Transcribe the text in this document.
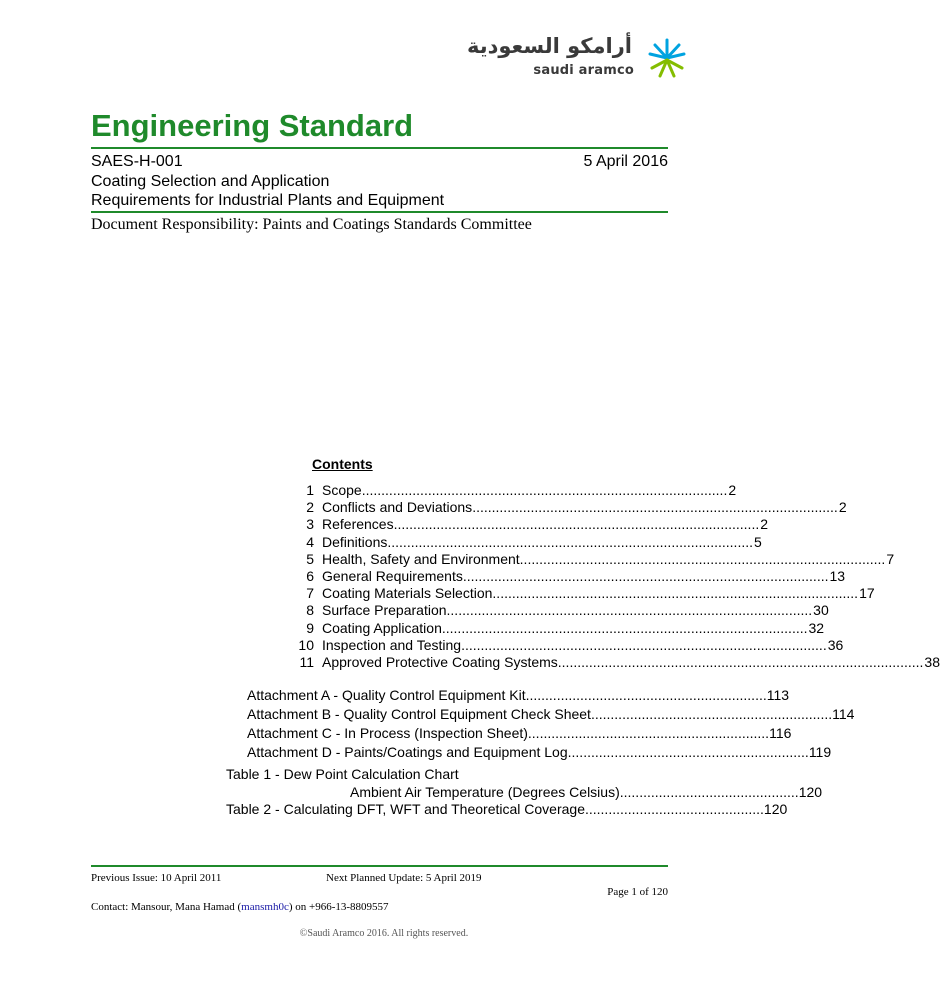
أرامكو السعودية
saudi aramco
Engineering Standard
SAES-H-001	5 April 2016
Coating Selection and Application
Requirements for Industrial Plants and Equipment
Document Responsibility: Paints and Coatings Standards Committee
Contents
1 Scope.............................................................................................. 2
2 Conflicts and Deviations.............................................................................................. 2
3 References.............................................................................................. 2
4 Definitions.............................................................................................. 5
5 Health, Safety and Environment.............................................................................................. 7
6 General Requirements.............................................................................................. 13
7 Coating Materials Selection.............................................................................................. 17
8 Surface Preparation.............................................................................................. 30
9 Coating Application.............................................................................................. 32
10 Inspection and Testing.............................................................................................. 36
11 Approved Protective Coating Systems.............................................................................................. 38
Attachment A - Quality Control Equipment Kit.............................................................. 113
Attachment B - Quality Control Equipment Check Sheet.............................................................. 114
Attachment C - In Process (Inspection Sheet).............................................................. 116
Attachment D - Paints/Coatings and Equipment Log.............................................................. 119
Table 1 - Dew Point Calculation Chart
Ambient Air Temperature (Degrees Celsius).............................................. 120
Table 2 - Calculating DFT, WFT and Theoretical Coverage.............................................. 120
Previous Issue: 10 April 2011	Next Planned Update: 5 April 2019
Page 1 of 120
Contact: Mansour, Mana Hamad (mansmh0c) on +966-13-8809557
©Saudi Aramco 2016. All rights reserved.
